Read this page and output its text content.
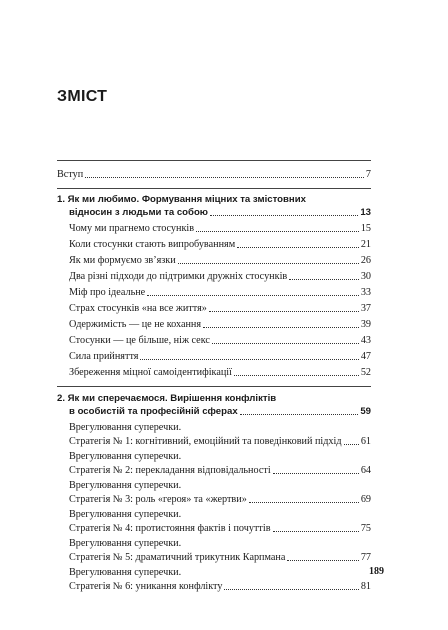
ЗМІСТ
Вступ	7
1. Як ми любимо. Формування міцних та змістовних
відносин з людьми та собою	13
Чому ми прагнемо стосунків	15
Коли стосунки стають випробуванням	21
Як ми формуємо зв’язки	26
Два різні підходи до підтримки дружніх стосунків	30
Міф про ідеальне	33
Страх стосунків «на все життя»	37
Одержимість — це не кохання	39
Стосунки — це більше, ніж секс	43
Сила прийняття	47
Збереження міцної самоідентифікації	52
2. Як ми сперечаємося. Вирішення конфліктів
в особистій та професійній сферах	59
Врегулювання суперечки.
Стратегія № 1: когнітивний, емоційний та поведінковий підхід 61
Врегулювання суперечки.
Стратегія № 2: перекладання відповідальності	64
Врегулювання суперечки.
Стратегія № 3: роль «героя» та «жертви»	69
Врегулювання суперечки.
Стратегія № 4: протистояння фактів і почуттів	75
Врегулювання суперечки.
Стратегія № 5: драматичний трикутник Карпмана	77
Врегулювання суперечки.
Стратегія № 6: уникання конфлікту	81
189
